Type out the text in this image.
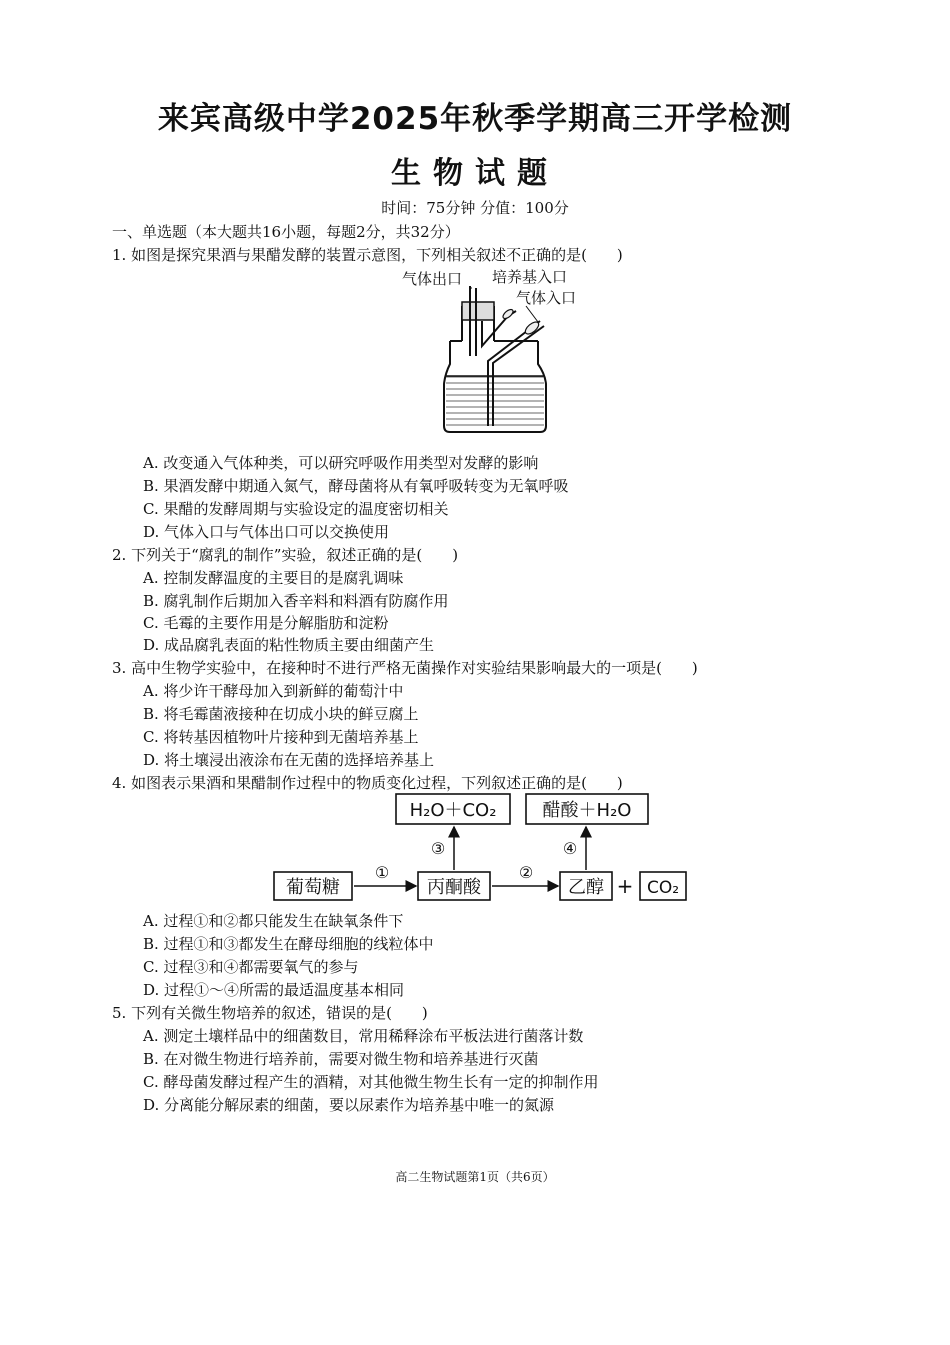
来宾高级中学2025年秋季学期高三开学检测
生物试题
时间：75分钟 分值：100分
一、单选题（本大题共16小题，每题2分，共32分）
1. 如图是探究果酒与果醋发酵的装置示意图，下列相关叙述不正确的是(　　)
气体出口 培养基入口
气体入口
A. 改变通入气体种类，可以研究呼吸作用类型对发酵的影响
B. 果酒发酵中期通入氮气，酵母菌将从有氧呼吸转变为无氧呼吸
C. 果醋的发酵周期与实验设定的温度密切相关
D. 气体入口与气体出口可以交换使用
2. 下列关于“腐乳的制作”实验，叙述正确的是(　　)
A. 控制发酵温度的主要目的是腐乳调味
B. 腐乳制作后期加入香辛料和料酒有防腐作用
C. 毛霉的主要作用是分解脂肪和淀粉
D. 成品腐乳表面的粘性物质主要由细菌产生
3. 高中生物学实验中，在接种时不进行严格无菌操作对实验结果影响最大的一项是(　　)
A. 将少许干酵母加入到新鲜的葡萄汁中
B. 将毛霉菌液接种在切成小块的鲜豆腐上
C. 将转基因植物叶片接种到无菌培养基上
D. 将土壤浸出液涂布在无菌的选择培养基上
4. 如图表示果酒和果醋制作过程中的物质变化过程，下列叙述正确的是(　　)
H₂O＋CO₂	醋酸＋H₂O
葡萄糖	丙酮酸	乙醇 + CO₂
①	②
③	④
A. 过程①和②都只能发生在缺氧条件下
B. 过程①和③都发生在酵母细胞的线粒体中
C. 过程③和④都需要氧气的参与
D. 过程①～④所需的最适温度基本相同
5. 下列有关微生物培养的叙述，错误的是(　　)
A. 测定土壤样品中的细菌数目，常用稀释涂布平板法进行菌落计数
B. 在对微生物进行培养前，需要对微生物和培养基进行灭菌
C. 酵母菌发酵过程产生的酒精，对其他微生物生长有一定的抑制作用
D. 分离能分解尿素的细菌，要以尿素作为培养基中唯一的氮源
高二生物试题第1页（共6页）
